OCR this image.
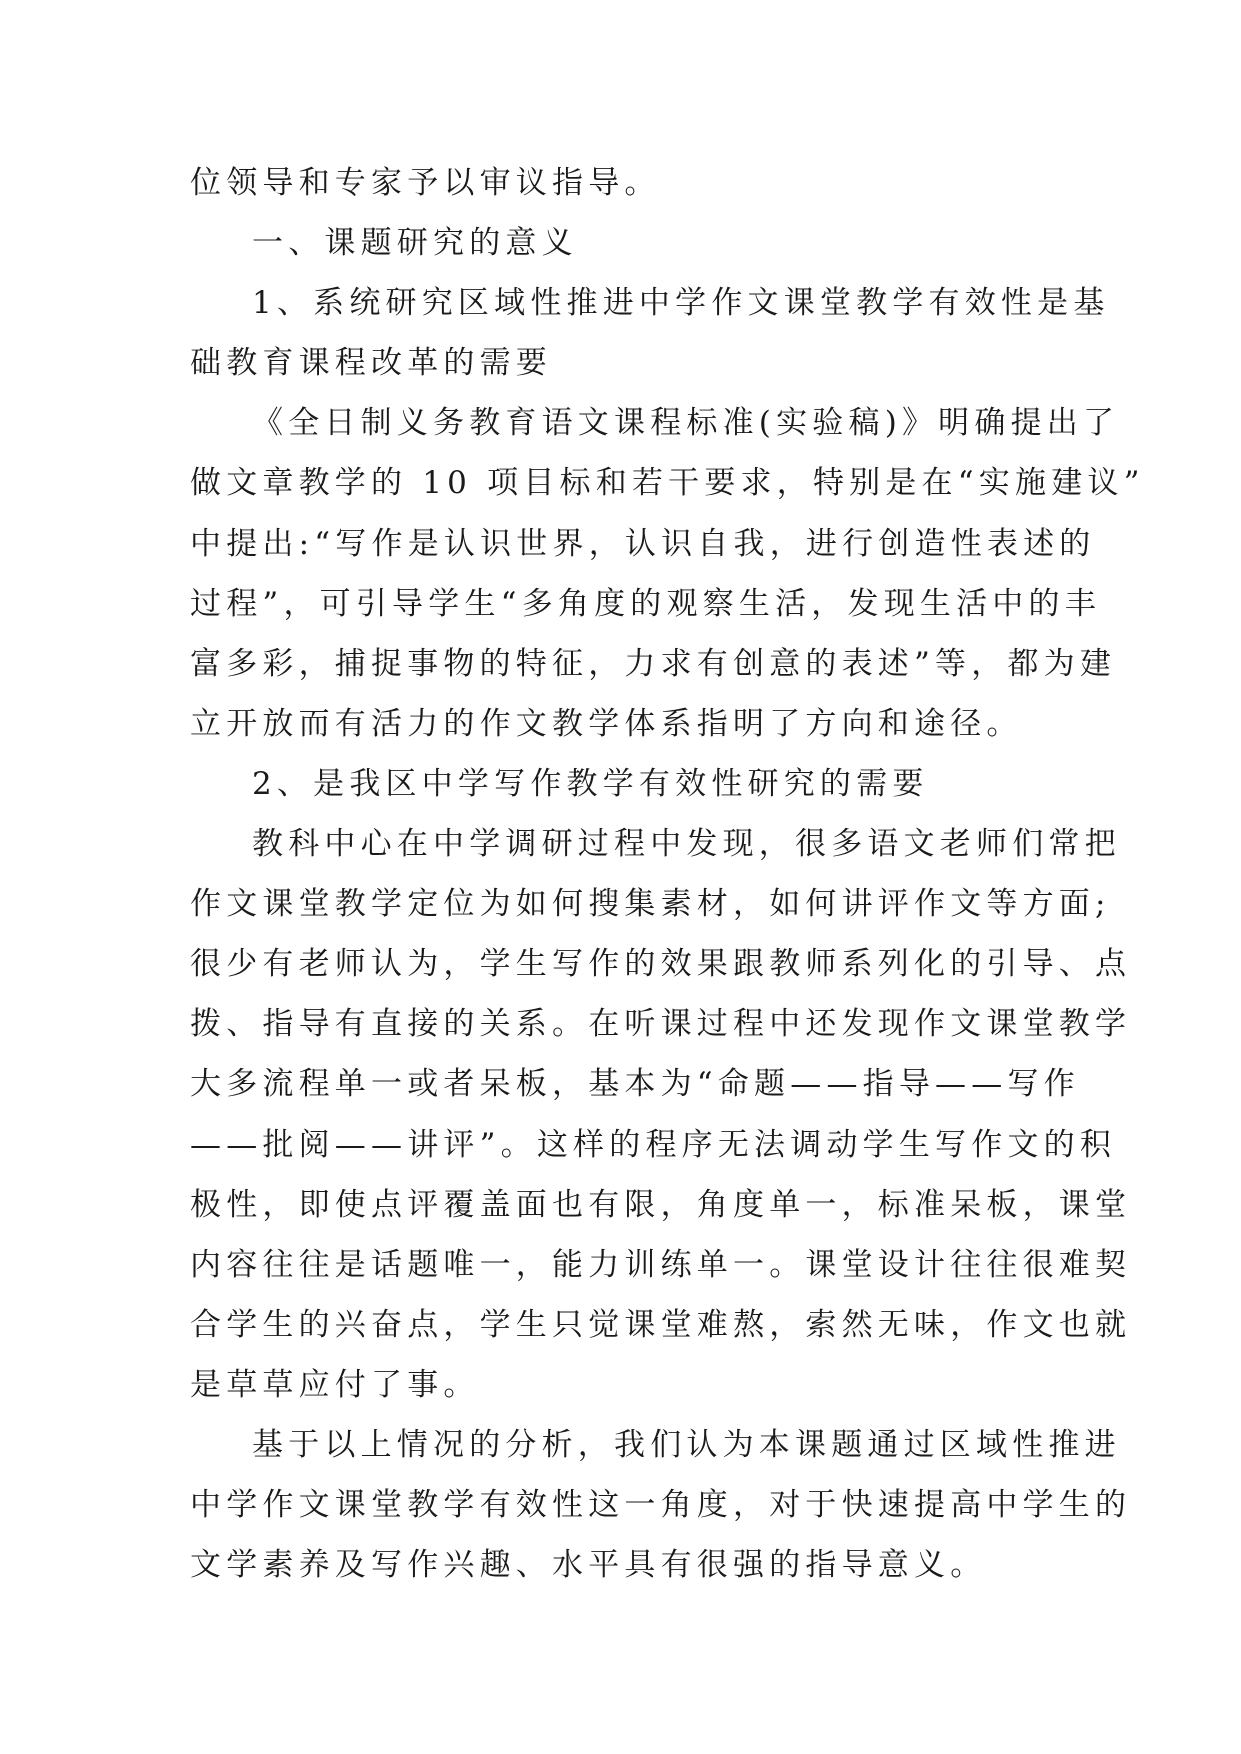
位领导和专家予以审议指导。
一、课题研究的意义
1、系统研究区域性推进中学作文课堂教学有效性是基
础教育课程改革的需要
《全日制义务教育语文课程标准(实验稿)》明确提出了
做文章教学的 10 项目标和若干要求，特别是在“实施建议”
中提出:“写作是认识世界，认识自我，进行创造性表述的
过程”，可引导学生“多角度的观察生活，发现生活中的丰
富多彩，捕捉事物的特征，力求有创意的表述”等，都为建
立开放而有活力的作文教学体系指明了方向和途径。
2、是我区中学写作教学有效性研究的需要
教科中心在中学调研过程中发现，很多语文老师们常把
作文课堂教学定位为如何搜集素材，如何讲评作文等方面;
很少有老师认为，学生写作的效果跟教师系列化的引导、点
拨、指导有直接的关系。在听课过程中还发现作文课堂教学
大多流程单一或者呆板，基本为“命题——指导——写作
——批阅——讲评”。这样的程序无法调动学生写作文的积
极性，即使点评覆盖面也有限，角度单一，标准呆板，课堂
内容往往是话题唯一，能力训练单一。课堂设计往往很难契
合学生的兴奋点，学生只觉课堂难熬，索然无味，作文也就
是草草应付了事。
基于以上情况的分析，我们认为本课题通过区域性推进
中学作文课堂教学有效性这一角度，对于快速提高中学生的
文学素养及写作兴趣、水平具有很强的指导意义。
